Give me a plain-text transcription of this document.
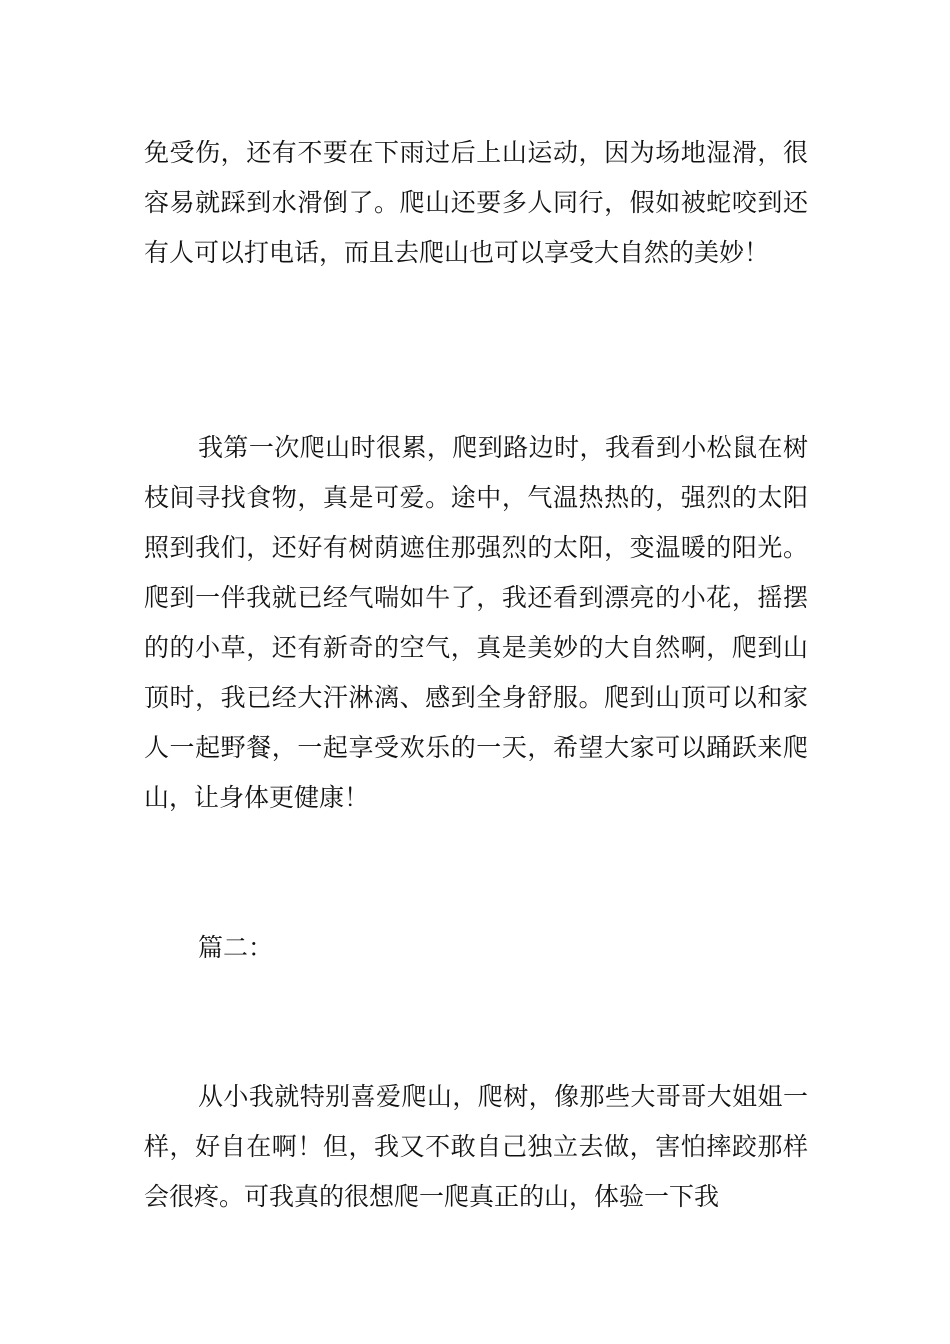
免受伤，还有不要在下雨过后上山运动，因为场地湿滑，很容易就踩到水滑倒了。爬山还要多人同行，假如被蛇咬到还有人可以打电话，而且去爬山也可以享受大自然的美妙！

我第一次爬山时很累，爬到路边时，我看到小松鼠在树枝间寻找食物，真是可爱。途中，气温热热的，强烈的太阳照到我们，还好有树荫遮住那强烈的太阳，变温暖的阳光。爬到一伴我就已经气喘如牛了，我还看到漂亮的小花，摇摆的的小草，还有新奇的空气，真是美妙的大自然啊，爬到山顶时，我已经大汗淋漓、感到全身舒服。爬到山顶可以和家人一起野餐，一起享受欢乐的一天，希望大家可以踊跃来爬山，让身体更健康！

篇二：

从小我就特别喜爱爬山，爬树，像那些大哥哥大姐姐一样，好自在啊！但，我又不敢自己独立去做，害怕摔跤那样会很疼。可我真的很想爬一爬真正的山，体验一下我
